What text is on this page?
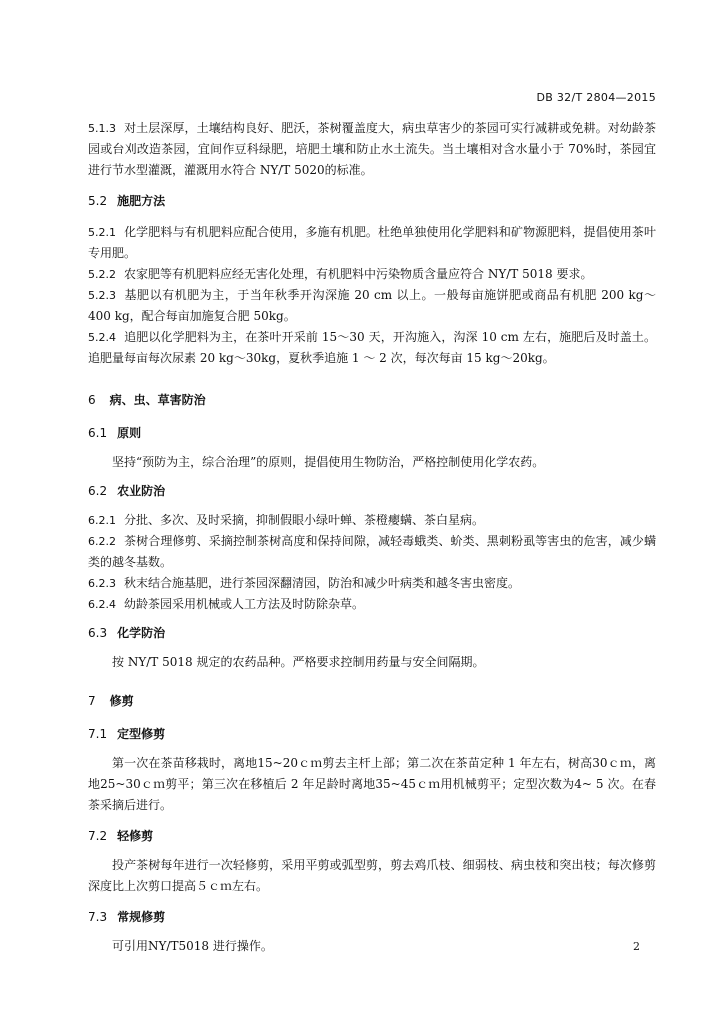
DB 32/T 2804—2015

5.1.3 对土层深厚，土壤结构良好、肥沃，茶树覆盖度大，病虫草害少的茶园可实行减耕或免耕。对幼龄茶园或台刈改造茶园，宜间作豆科绿肥，培肥土壤和防止水土流失。当土壤相对含水量小于 70%时，茶园宜进行节水型灌溉，灌溉用水符合 NY/T 5020的标准。

5.2 施肥方法

5.2.1 化学肥料与有机肥料应配合使用，多施有机肥。杜绝单独使用化学肥料和矿物源肥料，提倡使用茶叶专用肥。

5.2.2 农家肥等有机肥料应经无害化处理，有机肥料中污染物质含量应符合 NY/T 5018 要求。

5.2.3 基肥以有机肥为主，于当年秋季开沟深施 20 cm 以上。一般每亩施饼肥或商品有机肥 200 kg～400 kg，配合每亩加施复合肥 50kg。

5.2.4 追肥以化学肥料为主，在茶叶开采前 15～30 天，开沟施入，沟深 10 cm 左右，施肥后及时盖土。追肥量每亩每次尿素 20 kg～30kg，夏秋季追施 1 ～ 2 次，每次每亩 15 kg～20kg。

6 病、虫、草害防治

6.1 原则

坚持“预防为主，综合治理”的原则，提倡使用生物防治，严格控制使用化学农药。

6.2 农业防治

6.2.1 分批、多次、及时采摘，抑制假眼小绿叶蝉、茶橙瘿螨、茶白星病。

6.2.2 茶树合理修剪、采摘控制茶树高度和保持间隙，减轻毒蛾类、蚧类、黑刺粉虱等害虫的危害，减少螨类的越冬基数。

6.2.3 秋末结合施基肥，进行茶园深翻清园，防治和减少叶病类和越冬害虫密度。

6.2.4 幼龄茶园采用机械或人工方法及时防除杂草。

6.3 化学防治

按 NY/T 5018 规定的农药品种。严格要求控制用药量与安全间隔期。

7 修剪

7.1 定型修剪

第一次在茶苗移栽时，离地15~20ｃｍ剪去主杆上部；第二次在茶苗定种 1 年左右，树高30ｃｍ，离地25~30ｃｍ剪平；第三次在移植后 2 年足龄时离地35~45ｃｍ用机械剪平；定型次数为4~ 5 次。在春茶采摘后进行。

7.2 轻修剪

投产茶树每年进行一次轻修剪，采用平剪或弧型剪，剪去鸡爪枝、细弱枝、病虫枝和突出枝；每次修剪深度比上次剪口提高５ｃｍ左右。

7.3 常规修剪

可引用NY/T5018 进行操作。	2
